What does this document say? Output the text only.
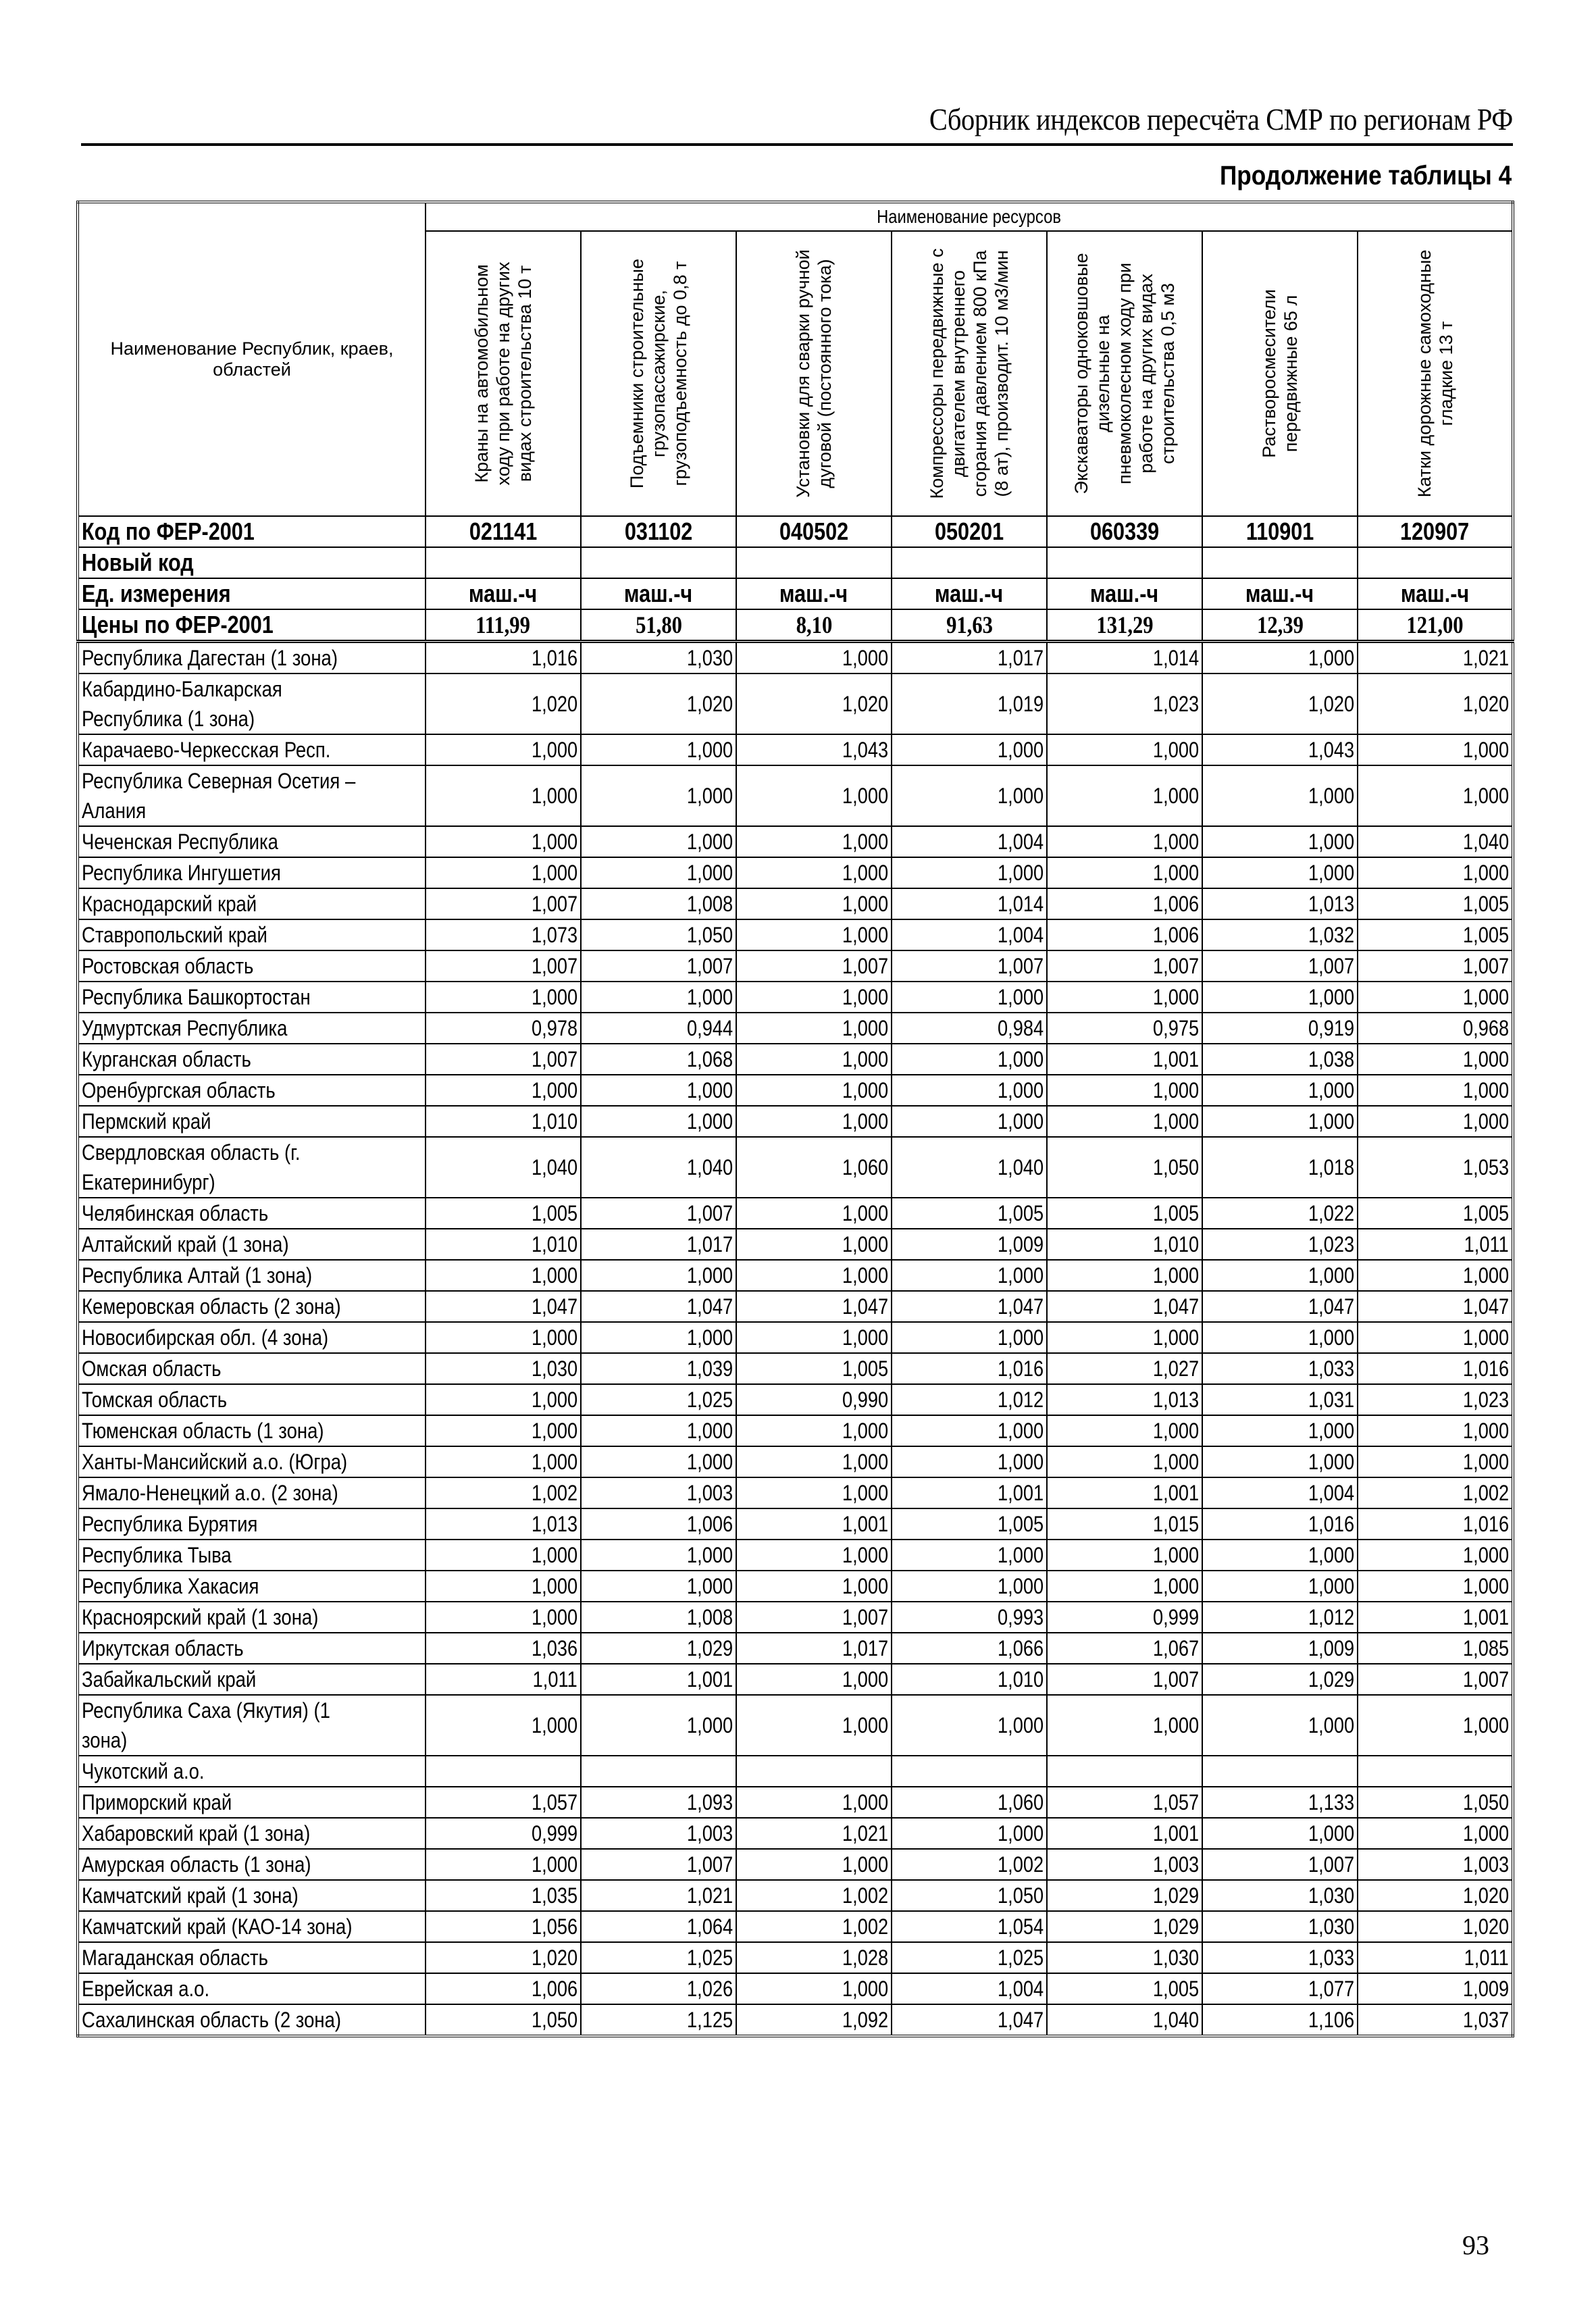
Сборник индексов пересчёта СМР по регионам РФ
Продолжение таблицы 4
Наименование Республик, краев, областей	Наименование ресурсов						

	Краны на автомобильном ходу при работе на других видах строительства 10 т	Подъемники строительные грузопассажирские, грузоподъемность до 0,8 т	Установки для сварки ручной дуговой (постоянного тока)	Компрессоры передвижные с двигателем внутреннего сгорания давлением 800 кПа (8 ат), производит. 10 м3/мин	Экскаваторы одноковшовые дизельные на пневмоколесном ходу при работе на других видах строительства 0,5 м3	Растворосмесители передвижные 65 л	Катки дорожные самоходные гладкие 13 т

Код по ФЕР-2001	021141	031102	040502	050201	060339	110901	120907
Новый код							
Ед. измерения	маш.-ч	маш.-ч	маш.-ч	маш.-ч	маш.-ч	маш.-ч	маш.-ч
Цены по ФЕР-2001	111,99	51,80	8,10	91,63	131,29	12,39	121,00
Республика Дагестан (1 зона)	1,016	1,030	1,000	1,017	1,014	1,000	1,021
Кабардино-Балкарская Республика (1 зона)	1,020	1,020	1,020	1,019	1,023	1,020	1,020
Карачаево-Черкесская Респ.	1,000	1,000	1,043	1,000	1,000	1,043	1,000
Республика Северная Осетия – Алания	1,000	1,000	1,000	1,000	1,000	1,000	1,000
Чеченская Республика	1,000	1,000	1,000	1,004	1,000	1,000	1,040
Республика Ингушетия	1,000	1,000	1,000	1,000	1,000	1,000	1,000
Краснодарский край	1,007	1,008	1,000	1,014	1,006	1,013	1,005
Ставропольский край	1,073	1,050	1,000	1,004	1,006	1,032	1,005
Ростовская область	1,007	1,007	1,007	1,007	1,007	1,007	1,007
Республика Башкортостан	1,000	1,000	1,000	1,000	1,000	1,000	1,000
Удмуртская Республика	0,978	0,944	1,000	0,984	0,975	0,919	0,968
Курганская область	1,007	1,068	1,000	1,000	1,001	1,038	1,000
Оренбургская область	1,000	1,000	1,000	1,000	1,000	1,000	1,000
Пермский край	1,010	1,000	1,000	1,000	1,000	1,000	1,000
Свердловская область (г. Екатеринибург)	1,040	1,040	1,060	1,040	1,050	1,018	1,053
Челябинская область	1,005	1,007	1,000	1,005	1,005	1,022	1,005
Алтайский край (1 зона)	1,010	1,017	1,000	1,009	1,010	1,023	1,011
Республика Алтай (1 зона)	1,000	1,000	1,000	1,000	1,000	1,000	1,000
Кемеровская область (2 зона)	1,047	1,047	1,047	1,047	1,047	1,047	1,047
Новосибирская обл. (4 зона)	1,000	1,000	1,000	1,000	1,000	1,000	1,000
Омская область	1,030	1,039	1,005	1,016	1,027	1,033	1,016
Томская область	1,000	1,025	0,990	1,012	1,013	1,031	1,023
Тюменская область (1 зона)	1,000	1,000	1,000	1,000	1,000	1,000	1,000
Ханты-Мансийский а.о. (Югра)	1,000	1,000	1,000	1,000	1,000	1,000	1,000
Ямало-Ненецкий а.о. (2 зона)	1,002	1,003	1,000	1,001	1,001	1,004	1,002
Республика Бурятия	1,013	1,006	1,001	1,005	1,015	1,016	1,016
Республика Тыва	1,000	1,000	1,000	1,000	1,000	1,000	1,000
Республика Хакасия	1,000	1,000	1,000	1,000	1,000	1,000	1,000
Красноярский край (1 зона)	1,000	1,008	1,007	0,993	0,999	1,012	1,001
Иркутская область	1,036	1,029	1,017	1,066	1,067	1,009	1,085
Забайкальский край	1,011	1,001	1,000	1,010	1,007	1,029	1,007
Республика Саха (Якутия) (1 зона)	1,000	1,000	1,000	1,000	1,000	1,000	1,000
Чукотский а.о.							
Приморский край	1,057	1,093	1,000	1,060	1,057	1,133	1,050
Хабаровский край (1 зона)	0,999	1,003	1,021	1,000	1,001	1,000	1,000
Амурская область (1 зона)	1,000	1,007	1,000	1,002	1,003	1,007	1,003
Камчатский край (1 зона)	1,035	1,021	1,002	1,050	1,029	1,030	1,020
Камчатский край (КАО-14 зона)	1,056	1,064	1,002	1,054	1,029	1,030	1,020
Магаданская область	1,020	1,025	1,028	1,025	1,030	1,033	1,011
Еврейская а.о.	1,006	1,026	1,000	1,004	1,005	1,077	1,009
Сахалинская область (2 зона)	1,050	1,125	1,092	1,047	1,040	1,106	1,037
93
